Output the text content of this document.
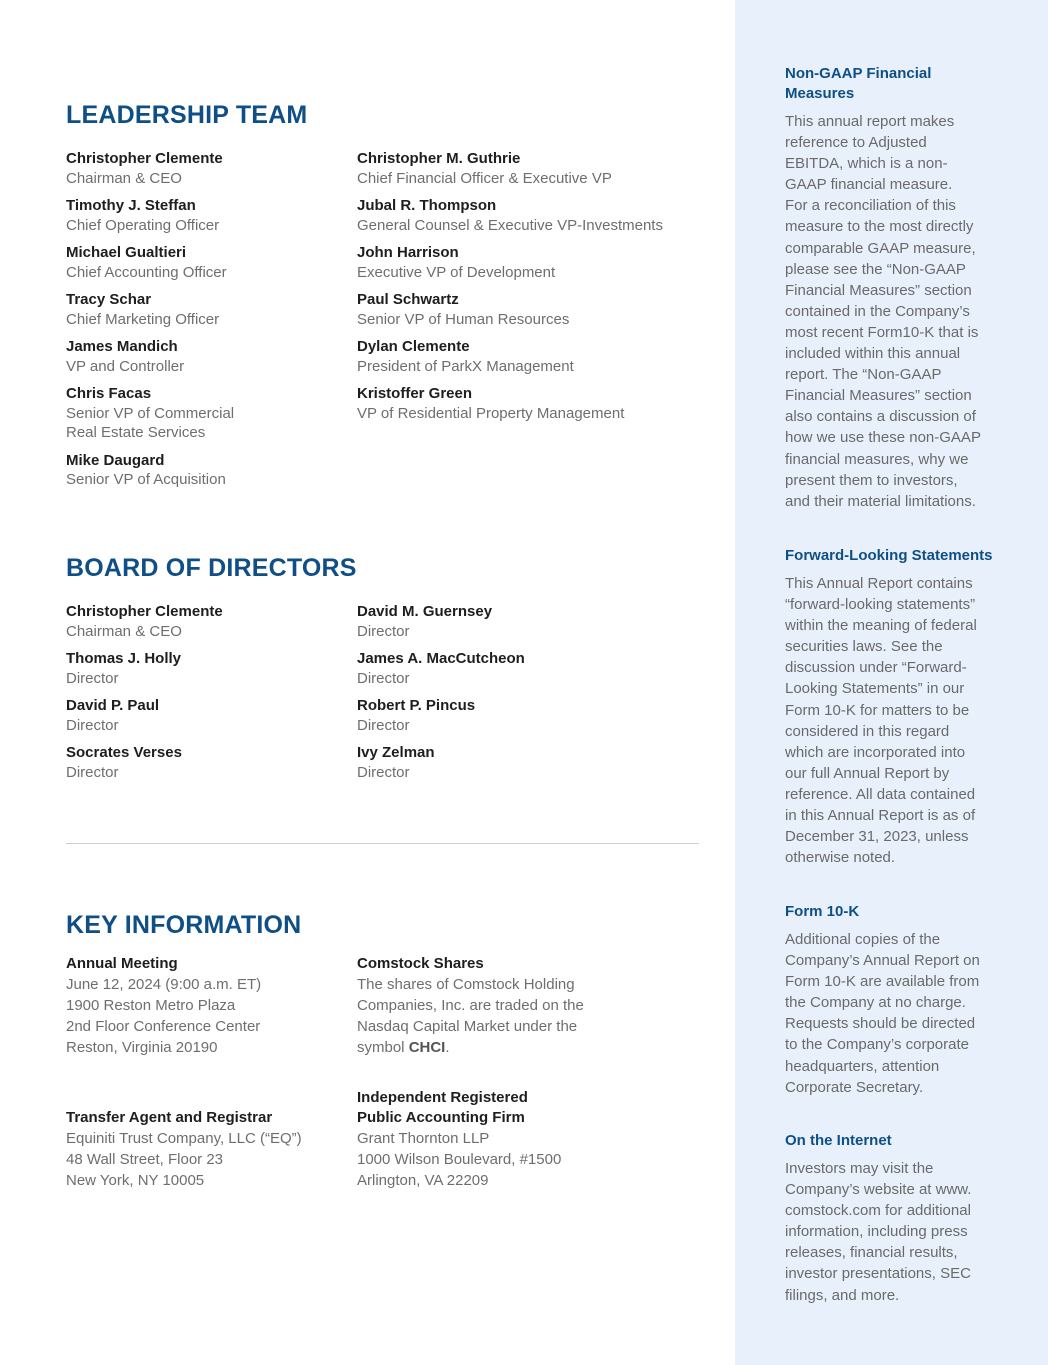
LEADERSHIP TEAM
Christopher Clemente
Chairman & CEO
Timothy J. Steffan
Chief Operating Officer
Michael Gualtieri
Chief Accounting Officer
Tracy Schar
Chief Marketing Officer
James Mandich
VP and Controller
Chris Facas
Senior VP of Commercial
Real Estate Services
Mike Daugard
Senior VP of Acquisition
Christopher M. Guthrie
Chief Financial Officer & Executive VP
Jubal R. Thompson
General Counsel & Executive VP-Investments
John Harrison
Executive VP of Development
Paul Schwartz
Senior VP of Human Resources
Dylan Clemente
President of ParkX Management
Kristoffer Green
VP of Residential Property Management
BOARD OF DIRECTORS
Christopher Clemente
Chairman & CEO
Thomas J. Holly
Director
David P. Paul
Director
Socrates Verses
Director
David M. Guernsey
Director
James A. MacCutcheon
Director
Robert P. Pincus
Director
Ivy Zelman
Director
KEY INFORMATION
Annual Meeting
June 12, 2024 (9:00 a.m. ET)
1900 Reston Metro Plaza
2nd Floor Conference Center
Reston, Virginia 20190
Comstock Shares
The shares of Comstock Holding
Companies, Inc. are traded on the
Nasdaq Capital Market under the
symbol CHCI.
Independent Registered
Public Accounting Firm
Grant Thornton LLP
1000 Wilson Boulevard, #1500
Arlington, VA 22209
Transfer Agent and Registrar
Equiniti Trust Company, LLC (“EQ”)
48 Wall Street, Floor 23
New York, NY 10005
Non-GAAP Financial
Measures
This annual report makes
reference to Adjusted
EBITDA, which is a non-
GAAP financial measure.
For a reconciliation of this
measure to the most directly
comparable GAAP measure,
please see the “Non-GAAP
Financial Measures” section
contained in the Company’s
most recent Form10-K that is
included within this annual
report. The “Non-GAAP
Financial Measures” section
also contains a discussion of
how we use these non-GAAP
financial measures, why we
present them to investors,
and their material limitations.
Forward-Looking Statements
This Annual Report contains
“forward-looking statements”
within the meaning of federal
securities laws. See the
discussion under “Forward-
Looking Statements” in our
Form 10-K for matters to be
considered in this regard
which are incorporated into
our full Annual Report by
reference. All data contained
in this Annual Report is as of
December 31, 2023, unless
otherwise noted.
Form 10-K
Additional copies of the
Company’s Annual Report on
Form 10-K are available from
the Company at no charge.
Requests should be directed
to the Company’s corporate
headquarters, attention
Corporate Secretary.
On the Internet
Investors may visit the
Company’s website at www.
comstock.com for additional
information, including press
releases, financial results,
investor presentations, SEC
filings, and more.
